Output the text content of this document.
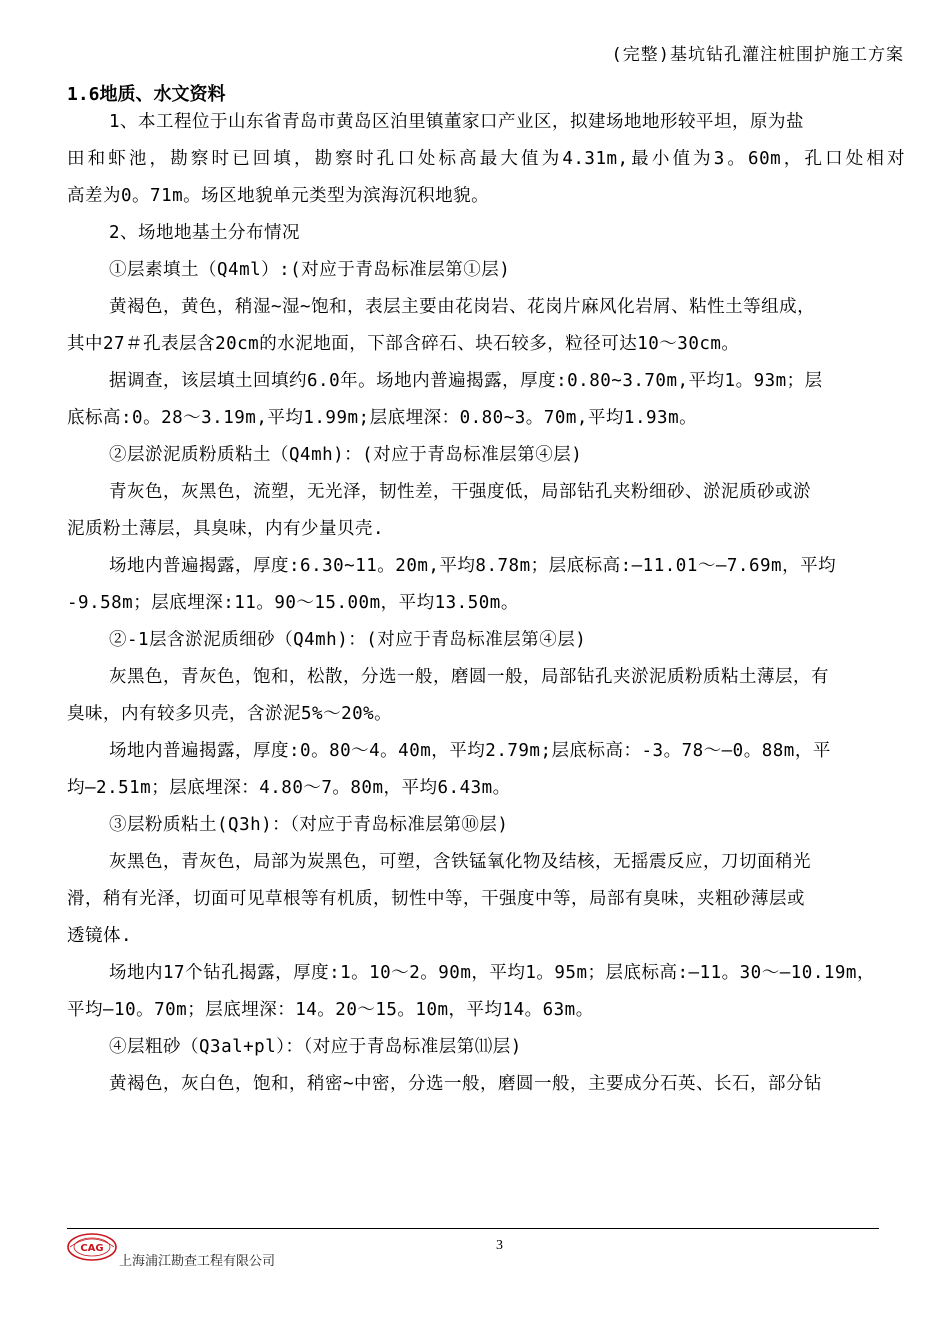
(完整)基坑钻孔灌注桩围护施工方案
1.6地质、水文资料
1、本工程位于山东省青岛市黄岛区泊里镇董家口产业区，拟建场地地形较平坦，原为盐
田和虾池，勘察时已回填，勘察时孔口处标高最大值为4.31m,最小值为3。60m，孔口处相对
高差为0。71m。场区地貌单元类型为滨海沉积地貌。
2、场地地基土分布情况
①层素填土（Q4ml）:(对应于青岛标准层第①层)
黄褐色，黄色，稍湿~湿~饱和，表层主要由花岗岩、花岗片麻风化岩屑、粘性土等组成，
其中27＃孔表层含20cm的水泥地面，下部含碎石、块石较多，粒径可达10～30cm。
据调查，该层填土回填约6.0年。场地内普遍揭露，厚度:0.80~3.70m,平均1。93m；层
底标高:0。28～3.19m,平均1.99m;层底埋深：0.80~3。70m,平均1.93m。
②层淤泥质粉质粘土（Q4mh)：(对应于青岛标准层第④层)
青灰色，灰黑色，流塑，无光泽，韧性差，干强度低，局部钻孔夹粉细砂、淤泥质砂或淤
泥质粉土薄层，具臭味，内有少量贝壳.
场地内普遍揭露，厚度:6.30~11。20m,平均8.78m；层底标高:—11.01～—7.69m，平均
-9.58m；层底埋深:11。90～15.00m，平均13.50m。
②-1层含淤泥质细砂（Q4mh)：(对应于青岛标准层第④层)
灰黑色，青灰色，饱和，松散，分选一般，磨圆一般，局部钻孔夹淤泥质粉质粘土薄层，有
臭味，内有较多贝壳，含淤泥5%～20%。
场地内普遍揭露，厚度:0。80～4。40m，平均2.79m;层底标高：-3。78～—0。88m，平
均—2.51m；层底埋深：4.80～7。80m，平均6.43m。
③层粉质粘土(Q3h)：（对应于青岛标准层第⑩层)
灰黑色，青灰色，局部为炭黑色，可塑，含铁锰氧化物及结核，无摇震反应，刀切面稍光
滑，稍有光泽，切面可见草根等有机质，韧性中等，干强度中等，局部有臭味，夹粗砂薄层或
透镜体.
场地内17个钻孔揭露，厚度:1。10～2。90m，平均1。95m；层底标高:—11。30～—10.19m，
平均—10。70m；层底埋深：14。20～15。10m，平均14。63m。
④层粗砂（Q3al+pl）：（对应于青岛标准层第⑾层)
黄褐色，灰白色，饱和，稍密~中密，分选一般，磨圆一般，主要成分石英、长石，部分钻
CAG	3
上海浦江勘查工程有限公司
